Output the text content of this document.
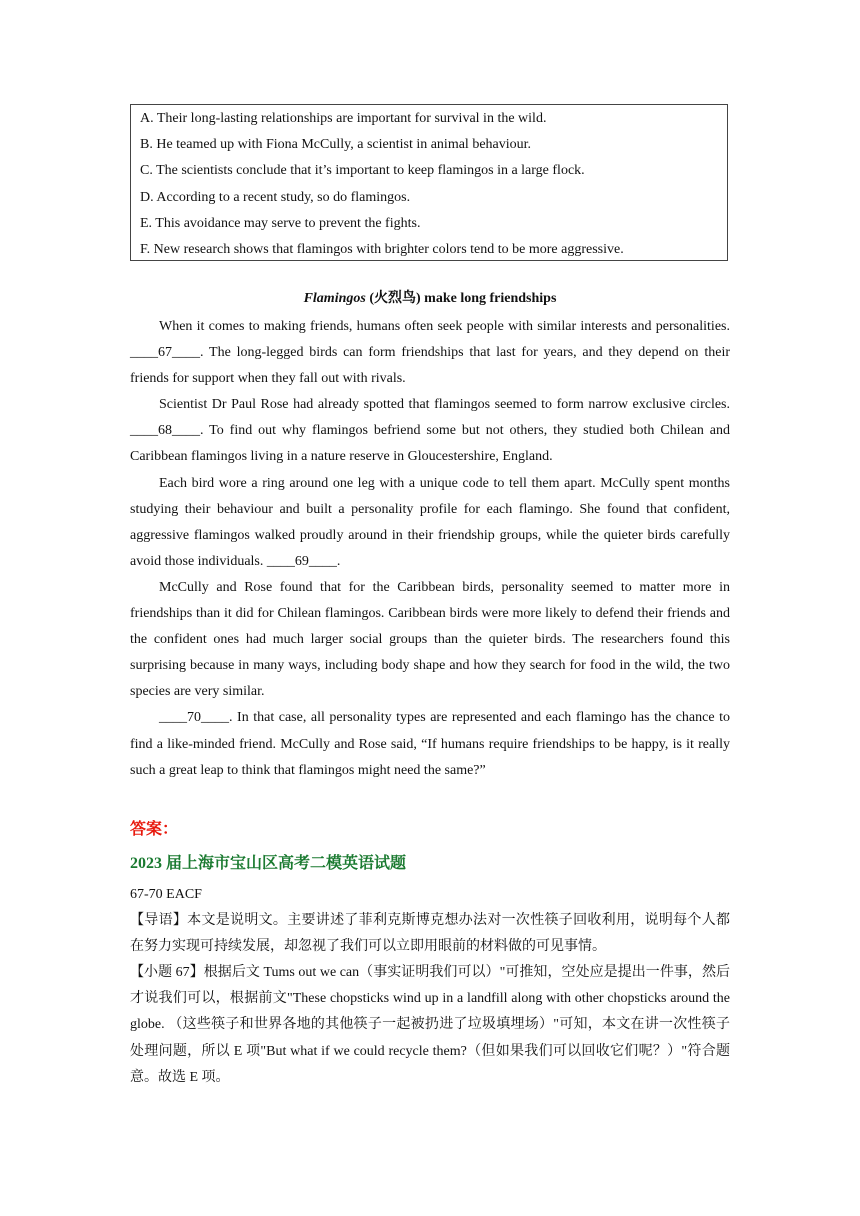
A. Their long-lasting relationships are important for survival in the wild.
B. He teamed up with Fiona McCully, a scientist in animal behaviour.
C. The scientists conclude that it’s important to keep flamingos in a large flock.
D. According to a recent study, so do flamingos.
E. This avoidance may serve to prevent the fights.
F. New research shows that flamingos with brighter colors tend to be more aggressive.
Flamingos (火烈鸟) make long friendships

When it comes to making friends, humans often seek people with similar interests and personalities. ____67____. The long-legged birds can form friendships that last for years, and they depend on their friends for support when they fall out with rivals.

Scientist Dr Paul Rose had already spotted that flamingos seemed to form narrow exclusive circles. ____68____. To find out why flamingos befriend some but not others, they studied both Chilean and Caribbean flamingos living in a nature reserve in Gloucestershire, England.

Each bird wore a ring around one leg with a unique code to tell them apart. McCully spent months studying their behaviour and built a personality profile for each flamingo. She found that confident, aggressive flamingos walked proudly around in their friendship groups, while the quieter birds carefully avoid those individuals. ____69____.

McCully and Rose found that for the Caribbean birds, personality seemed to matter more in friendships than it did for Chilean flamingos. Caribbean birds were more likely to defend their friends and the confident ones had much larger social groups than the quieter birds. The researchers found this surprising because in many ways, including body shape and how they search for food in the wild, the two species are very similar.

____70____. In that case, all personality types are represented and each flamingo has the chance to find a like-minded friend. McCully and Rose said, “If humans require friendships to be happy, is it really such a great leap to think that flamingos might need the same?”

答案：
2023 届上海市宝山区高考二模英语试题

67-70 EACF

【导语】本文是说明文。主要讲述了菲利克斯博克想办法对一次性筷子回收利用，说明每个人都在努力实现可持续发展，却忽视了我们可以立即用眼前的材料做的可见事情。

【小题 67】根据后文 Tums out we can（事实证明我们可以）"可推知，空处应是提出一件事，然后才说我们可以，根据前文"These chopsticks wind up in a landfill along with other chopsticks around the globe. （这些筷子和世界各地的其他筷子一起被扔进了垃圾填埋场）"可知，本文在讲一次性筷子处理问题，所以 E 项"But what if we could recycle them?（但如果我们可以回收它们呢？）"符合题意。故选 E 项。
